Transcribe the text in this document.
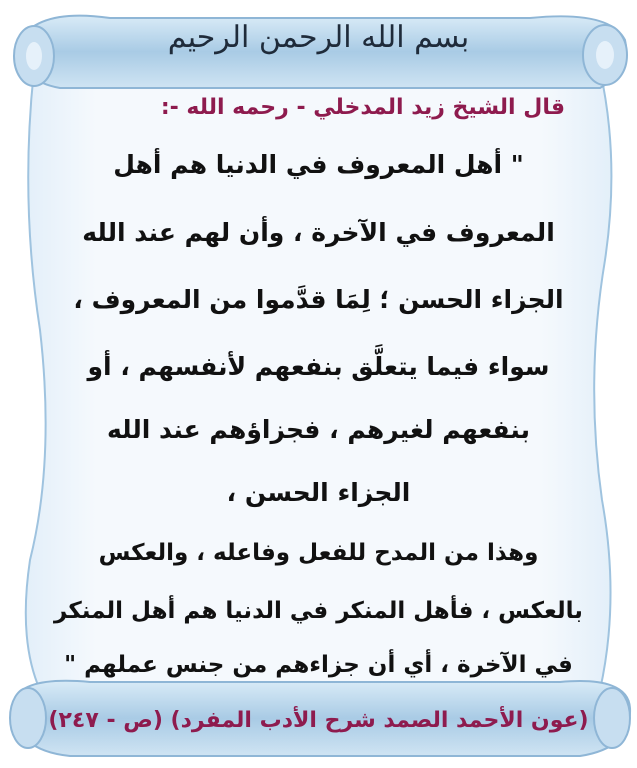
بسم الله الرحمن الرحيم
قال الشيخ زيد المدخلي - رحمه الله -:
" أهل المعروف في الدنيا هم أهل
المعروف في الآخرة ، وأن لهم عند الله
الجزاء الحسن ؛ لِمَا قدَّموا من المعروف ،
سواء فيما يتعلَّق بنفعهم لأنفسهم ، أو
بنفعهم لغيرهم ، فجزاؤهم عند الله
الجزاء الحسن ،
وهذا من المدح للفعل وفاعله ، والعكس
بالعكس ، فأهل المنكر في الدنيا هم أهل المنكر
في الآخرة ، أي أن جزاءهم من جنس عملهم "
(عون الأحمد الصمد شرح الأدب المفرد) (ص - ٢٤٧)
